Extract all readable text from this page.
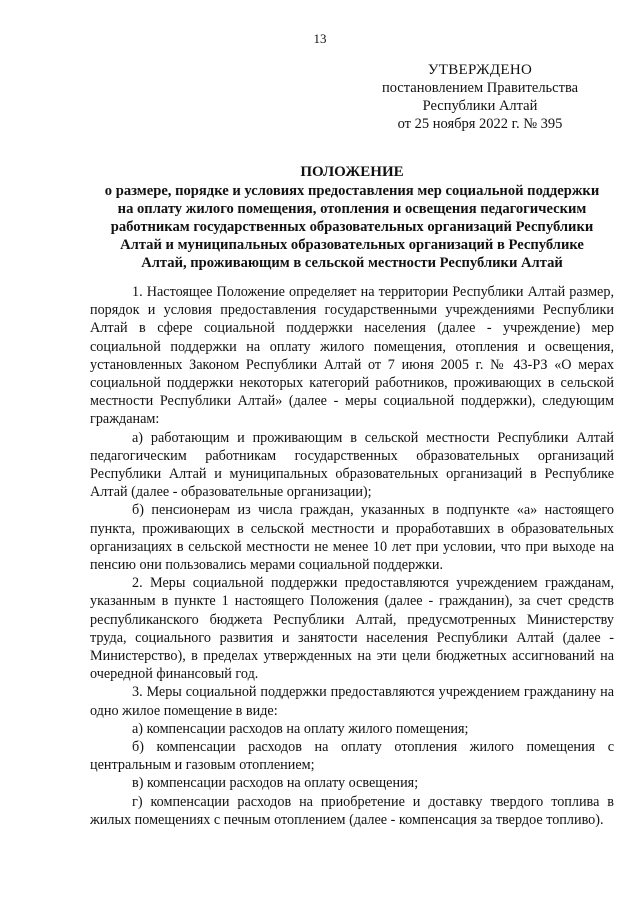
13
УТВЕРЖДЕНО
постановлением Правительства
Республики Алтай
от 25 ноября 2022 г. № 395
ПОЛОЖЕНИЕ
о размере, порядке и условиях предоставления мер социальной поддержки
на оплату жилого помещения, отопления и освещения педагогическим
работникам государственных образовательных организаций Республики
Алтай и муниципальных образовательных организаций в Республике
Алтай, проживающим в сельской местности Республики Алтай

1. Настоящее Положение определяет на территории Республики Алтай размер, порядок и условия предоставления государственными учреждениями Республики Алтай в сфере социальной поддержки населения (далее - учреждение) мер социальной поддержки на оплату жилого помещения, отопления и освещения, установленных Законом Республики Алтай от 7 июня 2005 г. № 43-РЗ «О мерах социальной поддержки некоторых категорий работников, проживающих в сельской местности Республики Алтай» (далее - меры социальной поддержки), следующим гражданам:

а) работающим и проживающим в сельской местности Республики Алтай педагогическим работникам государственных образовательных организаций Республики Алтай и муниципальных образовательных организаций в Республике Алтай (далее - образовательные организации);

б) пенсионерам из числа граждан, указанных в подпункте «а» настоящего пункта, проживающих в сельской местности и проработавших в образовательных организациях в сельской местности не менее 10 лет при условии, что при выходе на пенсию они пользовались мерами социальной поддержки.

2. Меры социальной поддержки предоставляются учреждением гражданам, указанным в пункте 1 настоящего Положения (далее - гражданин), за счет средств республиканского бюджета Республики Алтай, предусмотренных Министерству труда, социального развития и занятости населения Республики Алтай (далее - Министерство), в пределах утвержденных на эти цели бюджетных ассигнований на очередной финансовый год.

3. Меры социальной поддержки предоставляются учреждением гражданину на одно жилое помещение в виде:

а) компенсации расходов на оплату жилого помещения;

б) компенсации расходов на оплату отопления жилого помещения с центральным и газовым отоплением;

в) компенсации расходов на оплату освещения;

г) компенсации расходов на приобретение и доставку твердого топлива в жилых помещениях с печным отоплением (далее - компенсация за твердое топливо).
